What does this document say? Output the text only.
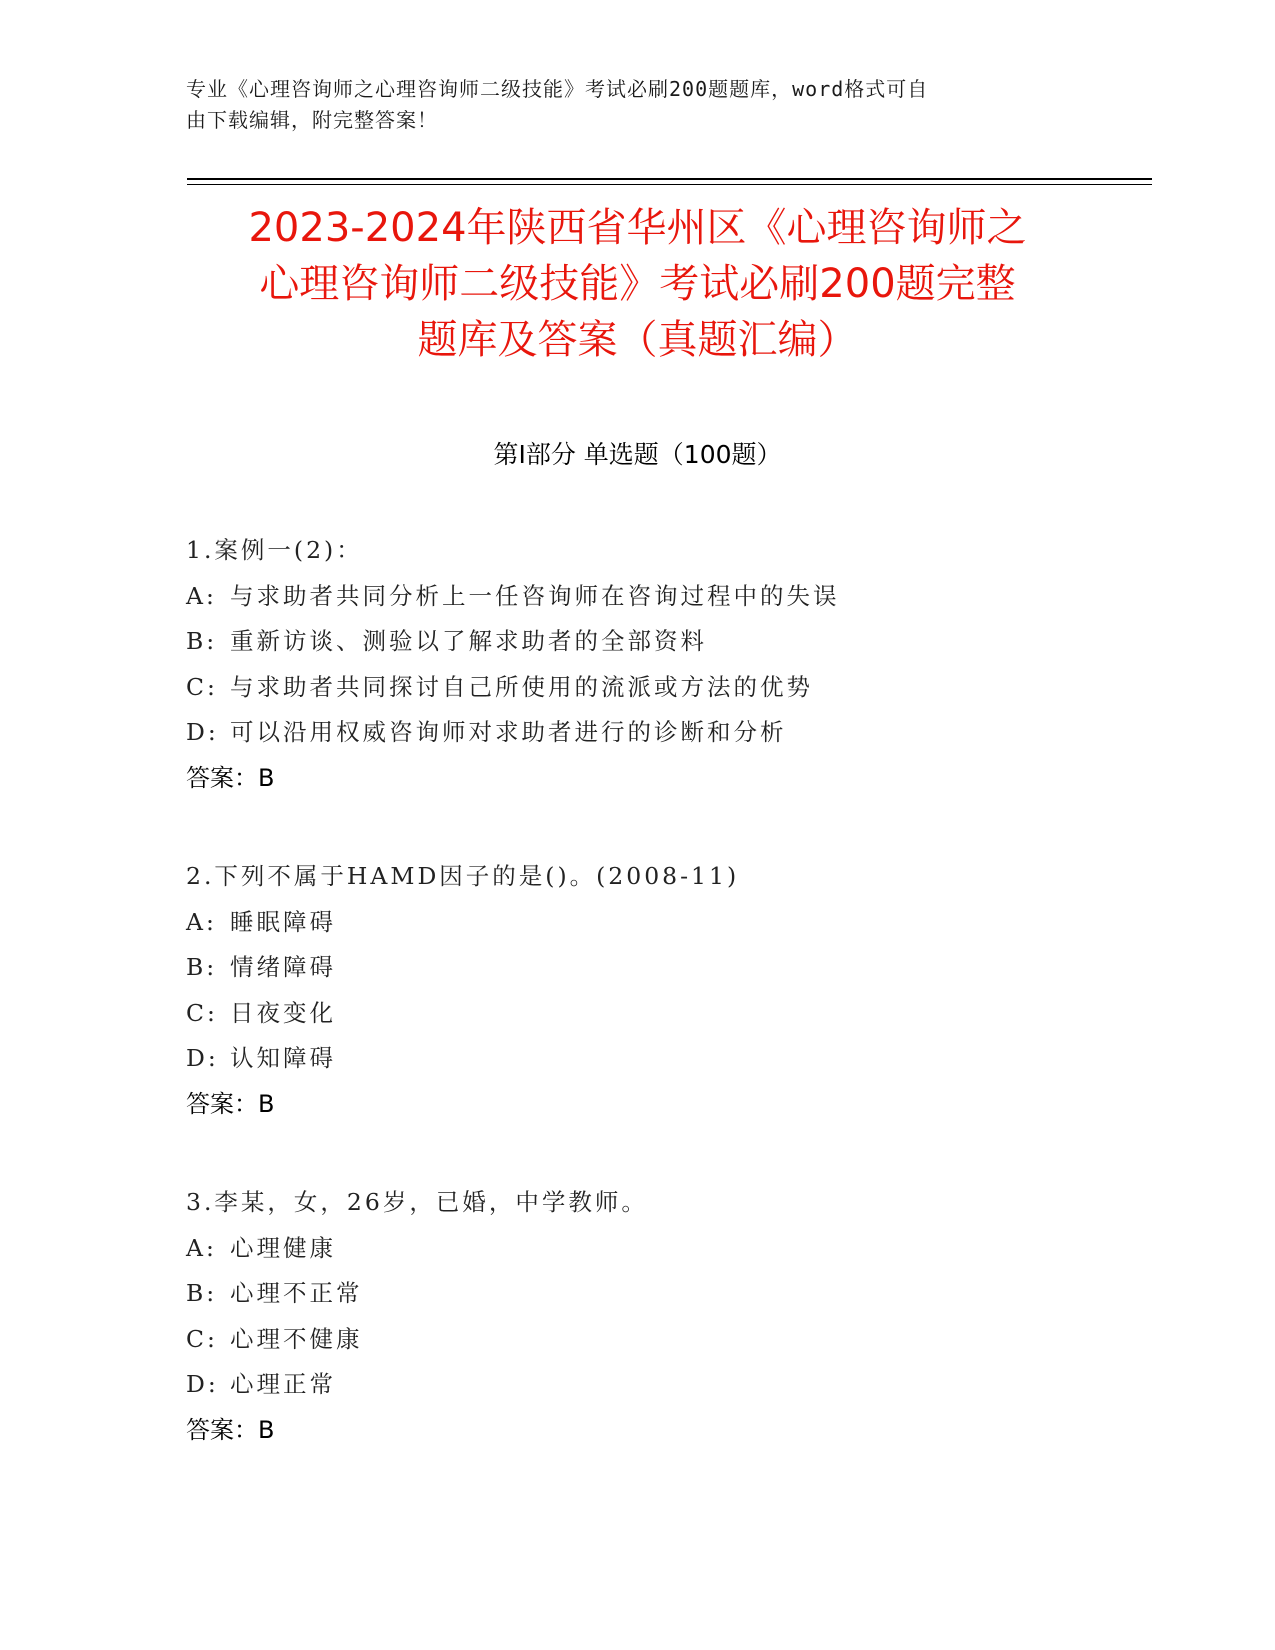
专业《心理咨询师之心理咨询师二级技能》考试必刷200题题库，word格式可自
由下载编辑，附完整答案！
2023-2024年陕西省华州区《心理咨询师之
心理咨询师二级技能》考试必刷200题完整
题库及答案（真题汇编）
第Ⅰ部分 单选题（100题）
1.案例一(2)：
A: 与求助者共同分析上一任咨询师在咨询过程中的失误
B: 重新访谈、测验以了解求助者的全部资料
C: 与求助者共同探讨自己所使用的流派或方法的优势
D: 可以沿用权威咨询师对求助者进行的诊断和分析
答案：B
2.下列不属于HAMD因子的是()。(2008-11)
A: 睡眠障碍
B: 情绪障碍
C: 日夜变化
D: 认知障碍
答案：B
3.李某，女，26岁，已婚，中学教师。
A: 心理健康
B: 心理不正常
C: 心理不健康
D: 心理正常
答案：B
